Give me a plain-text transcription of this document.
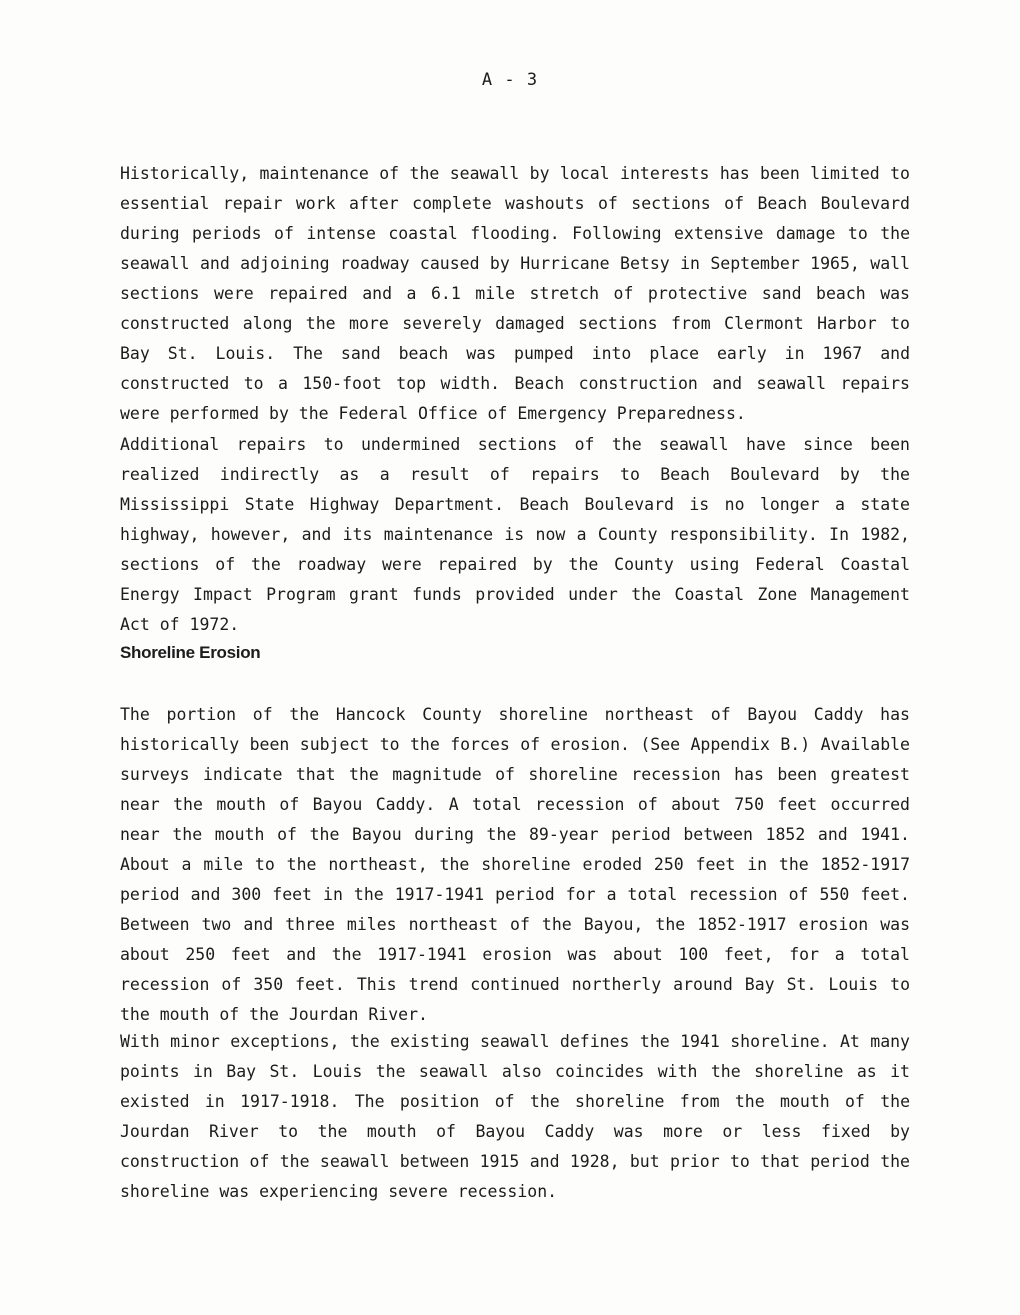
A - 3

Historically, maintenance of the seawall by local interests has been limited to essential repair work after complete washouts of sections of Beach Boulevard during periods of intense coastal flooding. Following extensive damage to the seawall and adjoining roadway caused by Hurricane Betsy in September 1965, wall sections were repaired and a 6.1 mile stretch of protective sand beach was constructed along the more severely damaged sections from Clermont Harbor to Bay St. Louis. The sand beach was pumped into place early in 1967 and constructed to a 150-foot top width. Beach construction and seawall repairs were performed by the Federal Office of Emergency Preparedness.

Additional repairs to undermined sections of the seawall have since been realized indirectly as a result of repairs to Beach Boulevard by the Mississippi State Highway Department. Beach Boulevard is no longer a state highway, however, and its maintenance is now a County responsibility. In 1982, sections of the roadway were repaired by the County using Federal Coastal Energy Impact Program grant funds provided under the Coastal Zone Management Act of 1972.

Shoreline Erosion

The portion of the Hancock County shoreline northeast of Bayou Caddy has historically been subject to the forces of erosion. (See Appendix B.) Available surveys indicate that the magnitude of shoreline recession has been greatest near the mouth of Bayou Caddy. A total recession of about 750 feet occurred near the mouth of the Bayou during the 89-year period between 1852 and 1941. About a mile to the northeast, the shoreline eroded 250 feet in the 1852-1917 period and 300 feet in the 1917-1941 period for a total recession of 550 feet. Between two and three miles northeast of the Bayou, the 1852-1917 erosion was about 250 feet and the 1917-1941 erosion was about 100 feet, for a total recession of 350 feet. This trend continued northerly around Bay St. Louis to the mouth of the Jourdan River.

With minor exceptions, the existing seawall defines the 1941 shoreline. At many points in Bay St. Louis the seawall also coincides with the shoreline as it existed in 1917-1918. The position of the shoreline from the mouth of the Jourdan River to the mouth of Bayou Caddy was more or less fixed by construction of the seawall between 1915 and 1928, but prior to that period the shoreline was experiencing severe recession.
